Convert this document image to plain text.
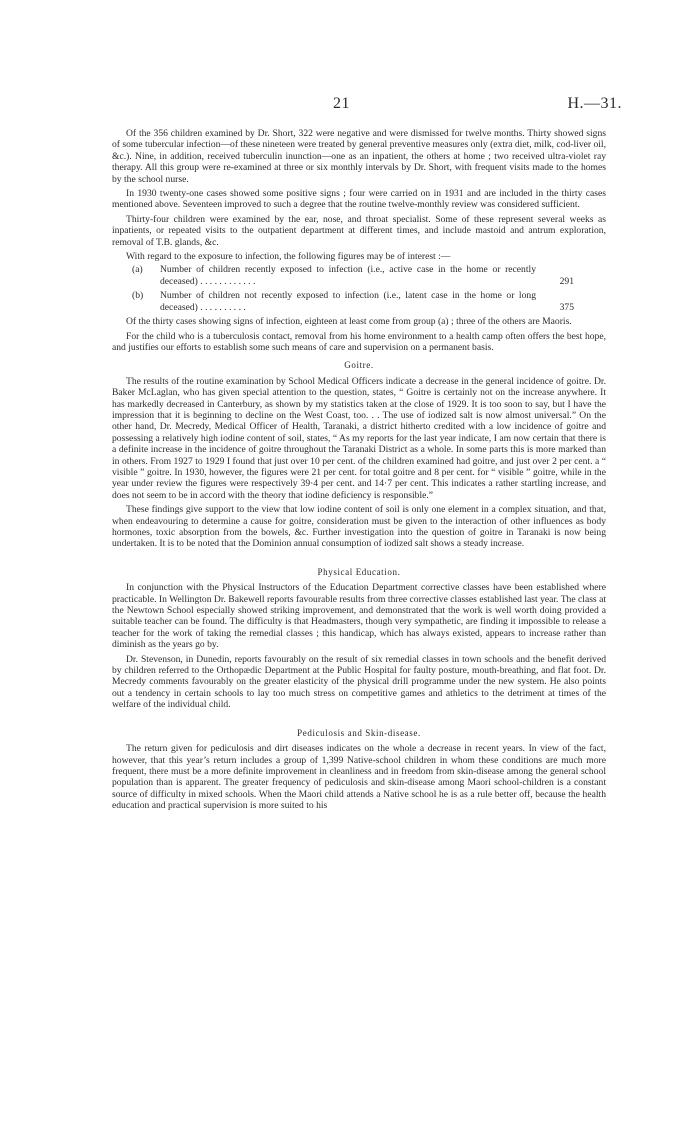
21	H.—31.

Of the 356 children examined by Dr. Short, 322 were negative and were dismissed for twelve months. Thirty showed signs of some tubercular infection—of these nineteen were treated by general preventive measures only (extra diet, milk, cod-liver oil, &c.). Nine, in addition, received tuberculin inunction—one as an inpatient, the others at home ; two received ultra-violet ray therapy. All this group were re-examined at three or six monthly intervals by Dr. Short, with frequent visits made to the homes by the school nurse.

In 1930 twenty-one cases showed some positive signs ; four were carried on in 1931 and are included in the thirty cases mentioned above. Seventeen improved to such a degree that the routine twelve-monthly review was considered sufficient.

Thirty-four children were examined by the ear, nose, and throat specialist. Some of these represent several weeks as inpatients, or repeated visits to the outpatient department at different times, and include mastoid and antrum exploration, removal of T.B. glands, &c.

With regard to the exposure to infection, the following figures may be of interest :—

(a) Number of children recently exposed to infection (i.e., active case in the home or recently deceased) . . . . . . . . . . . .	291
(b) Number of children not recently exposed to infection (i.e., latent case in the home or long deceased) . . . . . . . . . .	375

Of the thirty cases showing signs of infection, eighteen at least come from group (a) ; three of the others are Maoris.

For the child who is a tuberculosis contact, removal from his home environment to a health camp often offers the best hope, and justifies our efforts to establish some such means of care and supervision on a permanent basis.

Goitre.

The results of the routine examination by School Medical Officers indicate a decrease in the general incidence of goitre. Dr. Baker McLaglan, who has given special attention to the question, states, “ Goitre is certainly not on the increase anywhere. It has markedly decreased in Canterbury, as shown by my statistics taken at the close of 1929. It is too soon to say, but I have the impression that it is beginning to decline on the West Coast, too. . . The use of iodized salt is now almost universal.” On the other hand, Dr. Mecredy, Medical Officer of Health, Taranaki, a district hitherto credited with a low incidence of goitre and possessing a relatively high iodine content of soil, states, “ As my reports for the last year indicate, I am now certain that there is a definite increase in the incidence of goitre throughout the Taranaki District as a whole. In some parts this is more marked than in others. From 1927 to 1929 I found that just over 10 per cent. of the children examined had goitre, and just over 2 per cent. a “ visible ” goitre. In 1930, however, the figures were 21 per cent. for total goitre and 8 per cent. for “ visible ” goitre, while in the year under review the figures were respectively 39·4 per cent. and 14·7 per cent. This indicates a rather startling increase, and does not seem to be in accord with the theory that iodine deficiency is responsible.”

These findings give support to the view that low iodine content of soil is only one element in a complex situation, and that, when endeavouring to determine a cause for goitre, consideration must be given to the interaction of other influences as body hormones, toxic absorption from the bowels, &c. Further investigation into the question of goitre in Taranaki is now being undertaken. It is to be noted that the Dominion annual consumption of iodized salt shows a steady increase.

Physical Education.

In conjunction with the Physical Instructors of the Education Department corrective classes have been established where practicable. In Wellington Dr. Bakewell reports favourable results from three corrective classes established last year. The class at the Newtown School especially showed striking improvement, and demonstrated that the work is well worth doing provided a suitable teacher can be found. The difficulty is that Headmasters, though very sympathetic, are finding it impossible to release a teacher for the work of taking the remedial classes ; this handicap, which has always existed, appears to increase rather than diminish as the years go by.

Dr. Stevenson, in Dunedin, reports favourably on the result of six remedial classes in town schools and the benefit derived by children referred to the Orthopædic Department at the Public Hospital for faulty posture, mouth-breathing, and flat foot. Dr. Mecredy comments favourably on the greater elasticity of the physical drill programme under the new system. He also points out a tendency in certain schools to lay too much stress on competitive games and athletics to the detriment at times of the welfare of the individual child.

Pediculosis and Skin-disease.

The return given for pediculosis and dirt diseases indicates on the whole a decrease in recent years. In view of the fact, however, that this year’s return includes a group of 1,399 Native-school children in whom these conditions are much more frequent, there must be a more definite improvement in cleanliness and in freedom from skin-disease among the general school population than is apparent. The greater frequency of pediculosis and skin-disease among Maori school-children is a constant source of difficulty in mixed schools. When the Maori child attends a Native school he is as a rule better off, because the health education and practical supervision is more suited to his
